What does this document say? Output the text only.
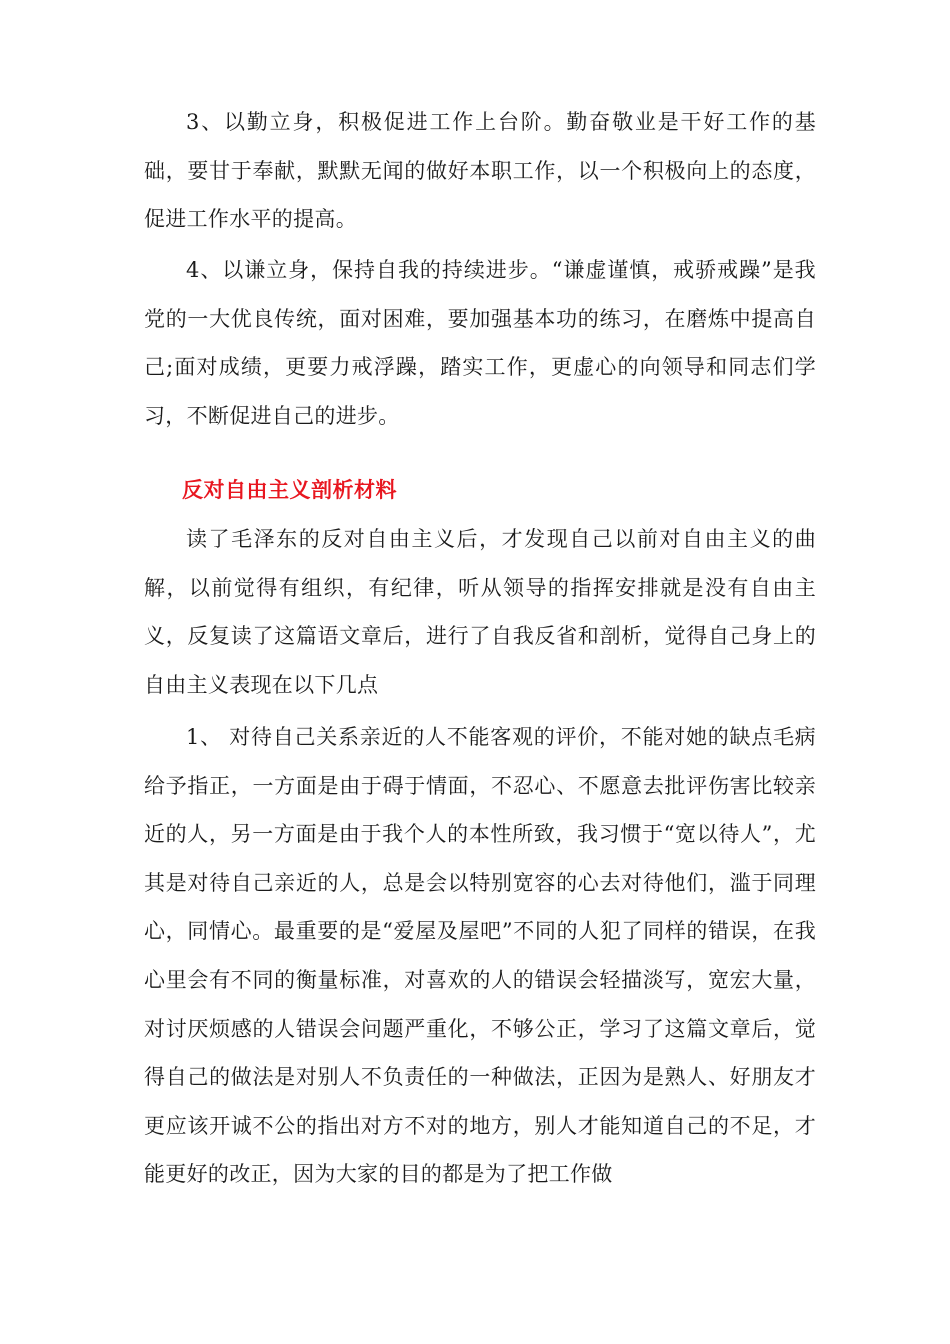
3、以勤立身，积极促进工作上台阶。勤奋敬业是干好工作的基础，要甘于奉献，默默无闻的做好本职工作，以一个积极向上的态度，促进工作水平的提高。

4、以谦立身，保持自我的持续进步。“谦虚谨慎，戒骄戒躁”是我党的一大优良传统，面对困难，要加强基本功的练习，在磨炼中提高自己;面对成绩，更要力戒浮躁，踏实工作，更虚心的向领导和同志们学习，不断促进自己的进步。

反对自由主义剖析材料

读了毛泽东的反对自由主义后，才发现自己以前对自由主义的曲解，以前觉得有组织，有纪律，听从领导的指挥安排就是没有自由主义，反复读了这篇语文章后，进行了自我反省和剖析，觉得自己身上的自由主义表现在以下几点

1、 对待自己关系亲近的人不能客观的评价，不能对她的缺点毛病给予指正，一方面是由于碍于情面，不忍心、不愿意去批评伤害比较亲近的人，另一方面是由于我个人的本性所致，我习惯于“宽以待人”，尤其是对待自己亲近的人，总是会以特别宽容的心去对待他们，滥于同理心，同情心。最重要的是“爱屋及屋吧”不同的人犯了同样的错误，在我心里会有不同的衡量标准，对喜欢的人的错误会轻描淡写，宽宏大量，对讨厌烦感的人错误会问题严重化，不够公正，学习了这篇文章后，觉得自己的做法是对别人不负责任的一种做法，正因为是熟人、好朋友才更应该开诚不公的指出对方不对的地方，别人才能知道自己的不足，才能更好的改正，因为大家的目的都是为了把工作做
